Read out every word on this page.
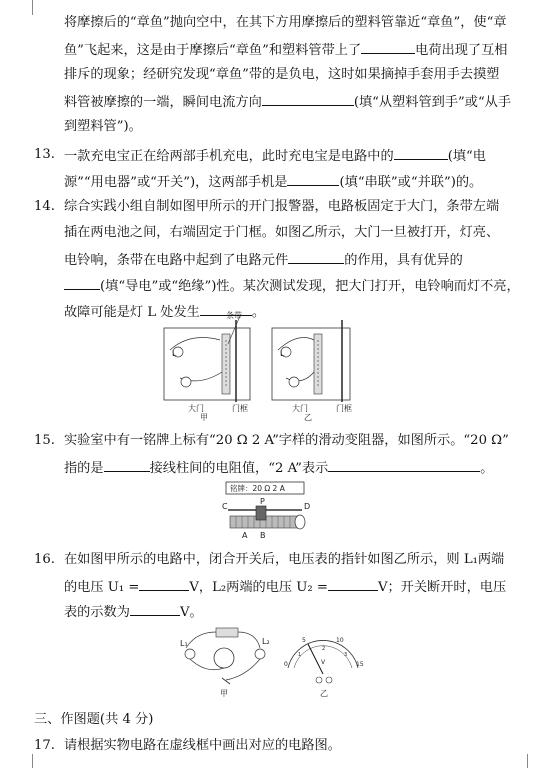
将摩擦后的“章鱼”抛向空中，在其下方用摩擦后的塑料管靠近“章鱼”，使“章
鱼”飞起来，这是由于摩擦后“章鱼”和塑料管带上了	电荷出现了互相
排斥的现象；经研究发现“章鱼”带的是负电，这时如果摘掉手套用手去摸塑
料管被摩擦的一端，瞬间电流方向	(填“从塑料管到手”或“从手
到塑料管”)。
13. 一款充电宝正在给两部手机充电，此时充电宝是电路中的	(填“电
源”“用电器”或“开关”)，这两部手机是	(填“串联”或“并联”)的。
14. 综合实践小组自制如图甲所示的开门报警器，电路板固定于大门，条带左端
插在两电池之间，右端固定于门框。如图乙所示，大门一旦被打开，灯亮、
电铃响，条带在电路中起到了电路元件	的作用，具有优异的
(填“导电”或“绝缘”)性。某次测试发现，把大门打开，电铃响而灯不亮，
故障可能是灯 L 处发生	。
条带
L	L
大门	门框	大门	门框
甲	乙
15. 实验室中有一铭牌上标有“20 Ω 2 A”字样的滑动变阻器，如图所示。“20 Ω”
指的是	接线柱间的电阻值，“2 A”表示	。
铭牌：20 Ω 2 A
C
P
D
A B
16. 在如图甲所示的电路中，闭合开关后，电压表的指针如图乙所示，则 L₁两端
的电压 U₁ =	V，L₂两端的电压 U₂ =	V；开关断开时，电压
表的示数为	V。
L₁	L₂
0
5	10
15
1
2
3
V
甲	乙
三、作图题(共 4 分)
17. 请根据实物电路在虚线框中画出对应的电路图。
